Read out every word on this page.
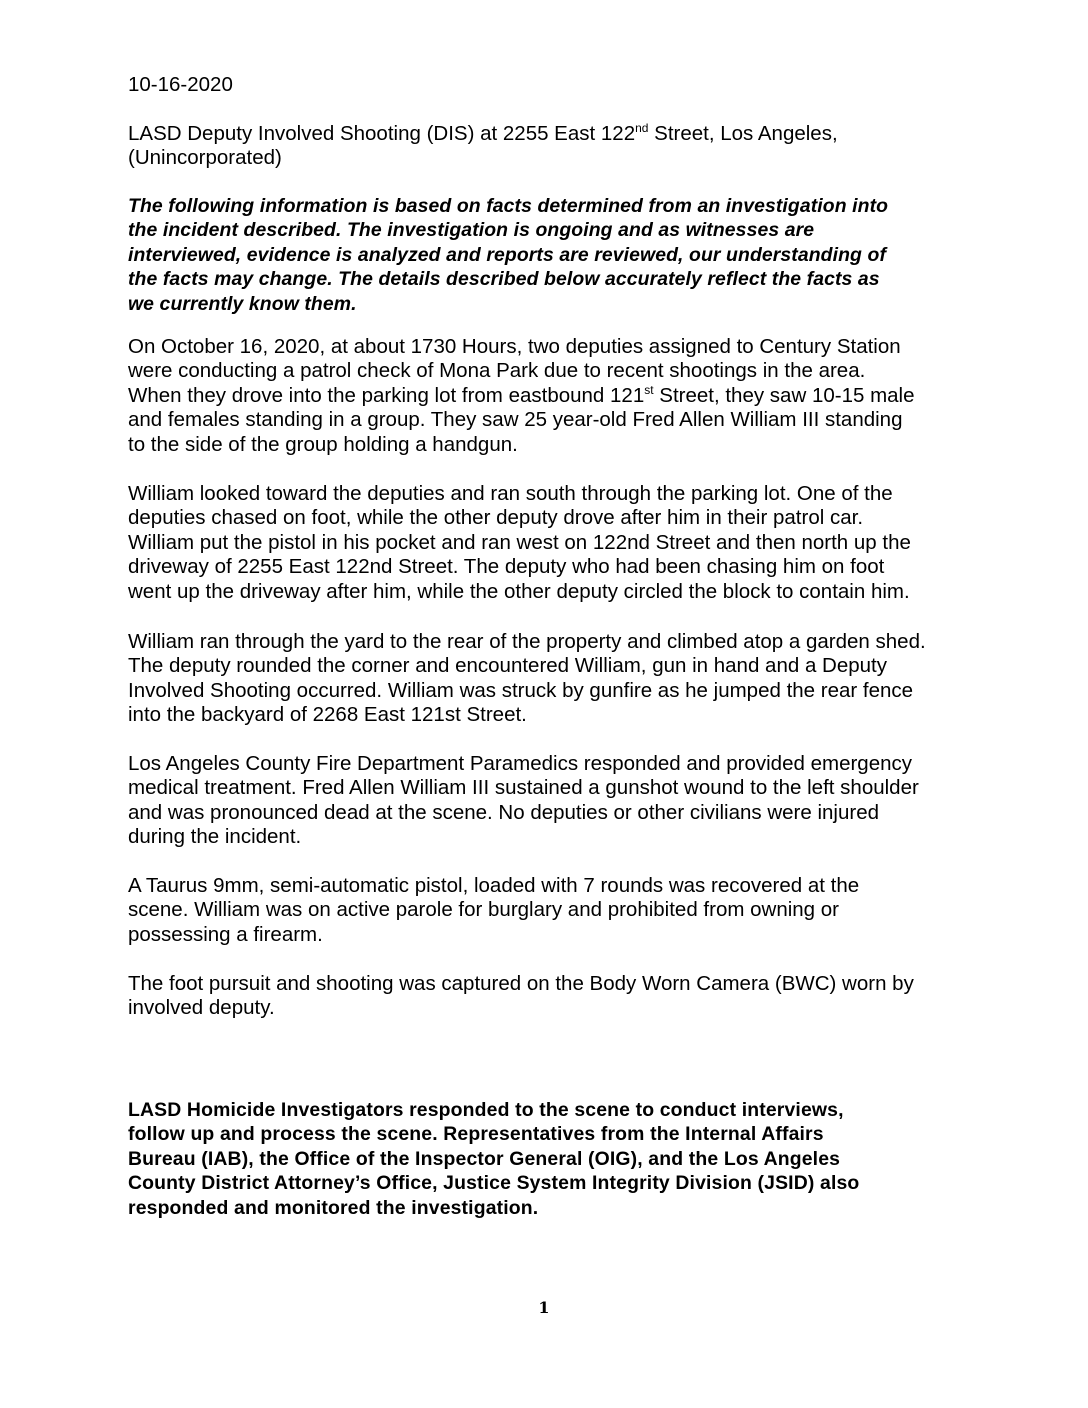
10-16-2020

LASD Deputy Involved Shooting (DIS) at 2255 East 122nd Street, Los Angeles,
(Unincorporated)

The following information is based on facts determined from an investigation into
the incident described. The investigation is ongoing and as witnesses are
interviewed, evidence is analyzed and reports are reviewed, our understanding of
the facts may change. The details described below accurately reflect the facts as
we currently know them.

On October 16, 2020, at about 1730 Hours, two deputies assigned to Century Station
were conducting a patrol check of Mona Park due to recent shootings in the area.
When they drove into the parking lot from eastbound 121st Street, they saw 10-15 male
and females standing in a group. They saw 25 year-old Fred Allen William III standing
to the side of the group holding a handgun.

William looked toward the deputies and ran south through the parking lot. One of the
deputies chased on foot, while the other deputy drove after him in their patrol car.
William put the pistol in his pocket and ran west on 122nd Street and then north up the
driveway of 2255 East 122nd Street. The deputy who had been chasing him on foot
went up the driveway after him, while the other deputy circled the block to contain him.

William ran through the yard to the rear of the property and climbed atop a garden shed.
The deputy rounded the corner and encountered William, gun in hand and a Deputy
Involved Shooting occurred. William was struck by gunfire as he jumped the rear fence
into the backyard of 2268 East 121st Street.

Los Angeles County Fire Department Paramedics responded and provided emergency
medical treatment. Fred Allen William III sustained a gunshot wound to the left shoulder
and was pronounced dead at the scene. No deputies or other civilians were injured
during the incident.

A Taurus 9mm, semi-automatic pistol, loaded with 7 rounds was recovered at the
scene. William was on active parole for burglary and prohibited from owning or
possessing a firearm.

The foot pursuit and shooting was captured on the Body Worn Camera (BWC) worn by
involved deputy.

LASD Homicide Investigators responded to the scene to conduct interviews,
follow up and process the scene. Representatives from the Internal Affairs
Bureau (IAB), the Office of the Inspector General (OIG), and the Los Angeles
County District Attorney’s Office, Justice System Integrity Division (JSID) also
responded and monitored the investigation.

1
